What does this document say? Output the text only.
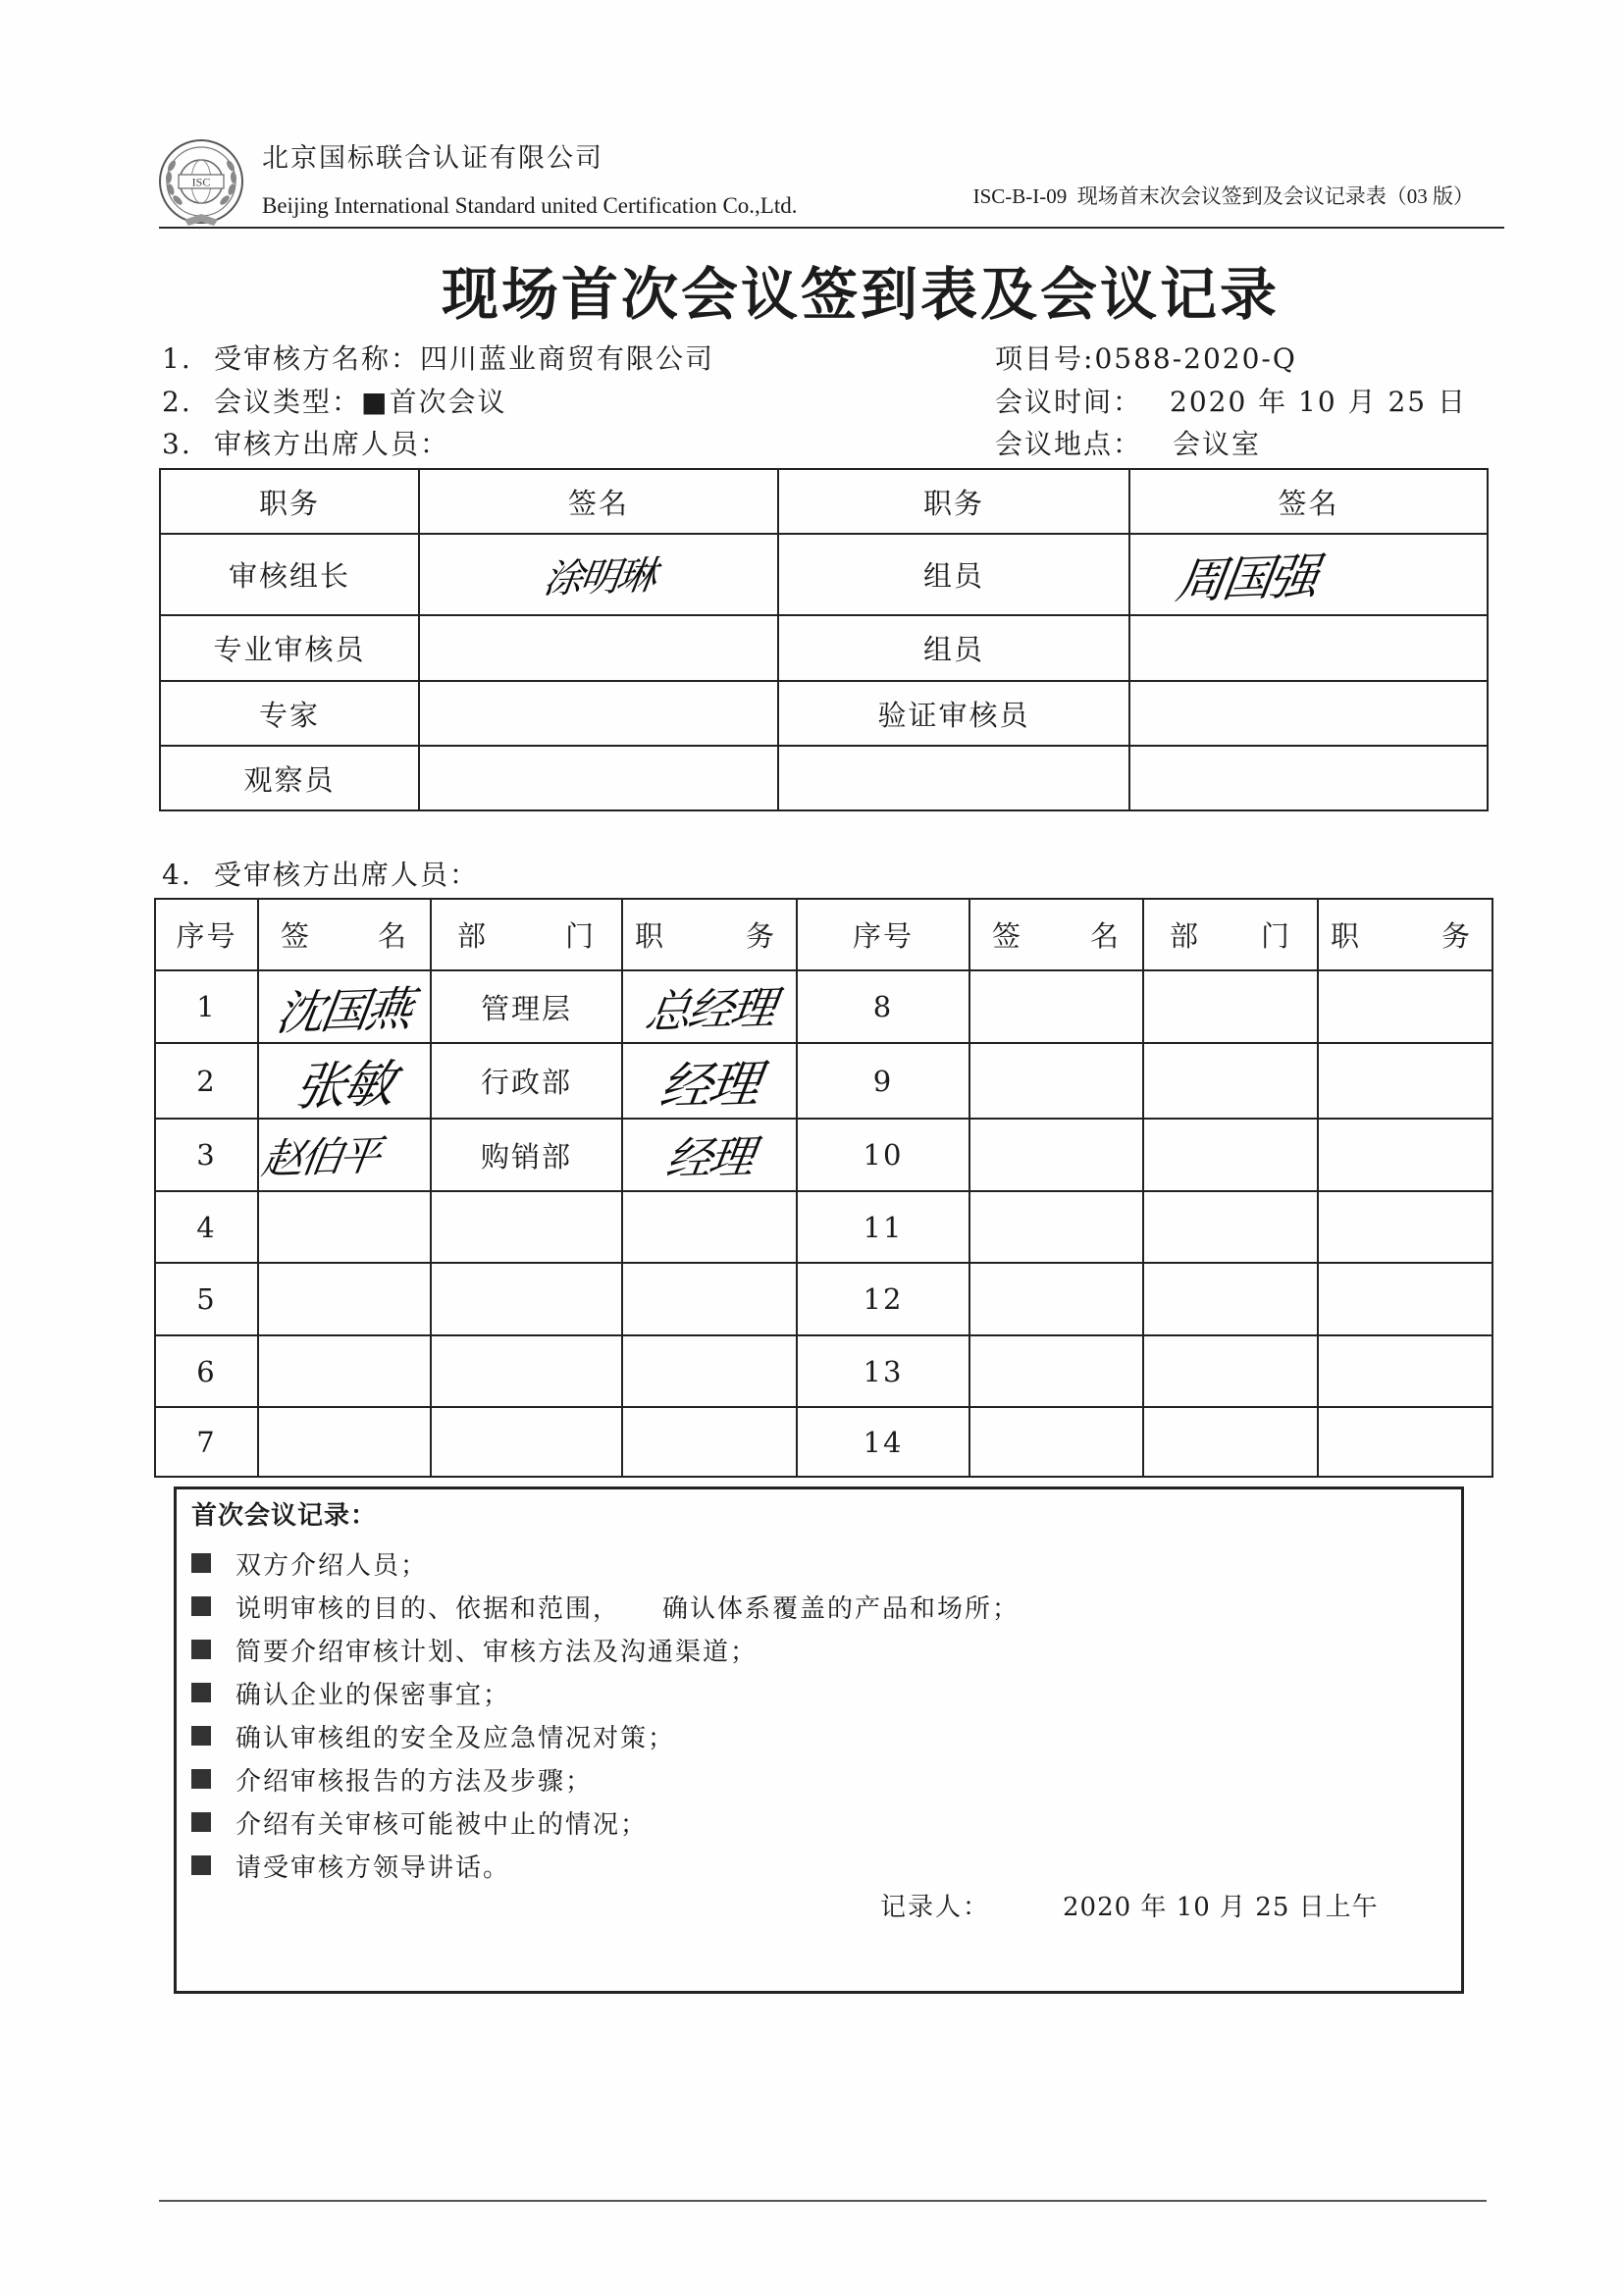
ISC
北京国标联合认证有限公司
Beijing International Standard united Certification Co.,Ltd.	ISC-B-I-09  现场首末次会议签到及会议记录表（03 版）
现场首次会议签到表及会议记录
1. 受审核方名称：四川蓝业商贸有限公司	项目号:0588-2020-Q
2. 会议类型：■首次会议	会议时间： 2020 年 10 月 25 日
3. 审核方出席人员：	会议地点： 会议室
职务	签名	职务	签名
审核组长	涂明琳	组员	周国强
专业审核员		组员	
专家		验证审核员	
观察员			
4. 受审核方出席人员：
序号	签名	部门	职务	序号	签名	部门	职务

1	沈国燕	管理层	总经理	8			
2	张敏	行政部	经理	9			
3	赵伯平	购销部	经理	10			
4				11			
5				12			
6				13			
7				14			
首次会议记录：
双方介绍人员；
说明审核的目的、依据和范围，　　确认体系覆盖的产品和场所；
简要介绍审核计划、审核方法及沟通渠道；
确认企业的保密事宜；
确认审核组的安全及应急情况对策；
介绍审核报告的方法及步骤；
介绍有关审核可能被中止的情况；
请受审核方领导讲话。
记录人：	2020 年 10 月 25 日上午
